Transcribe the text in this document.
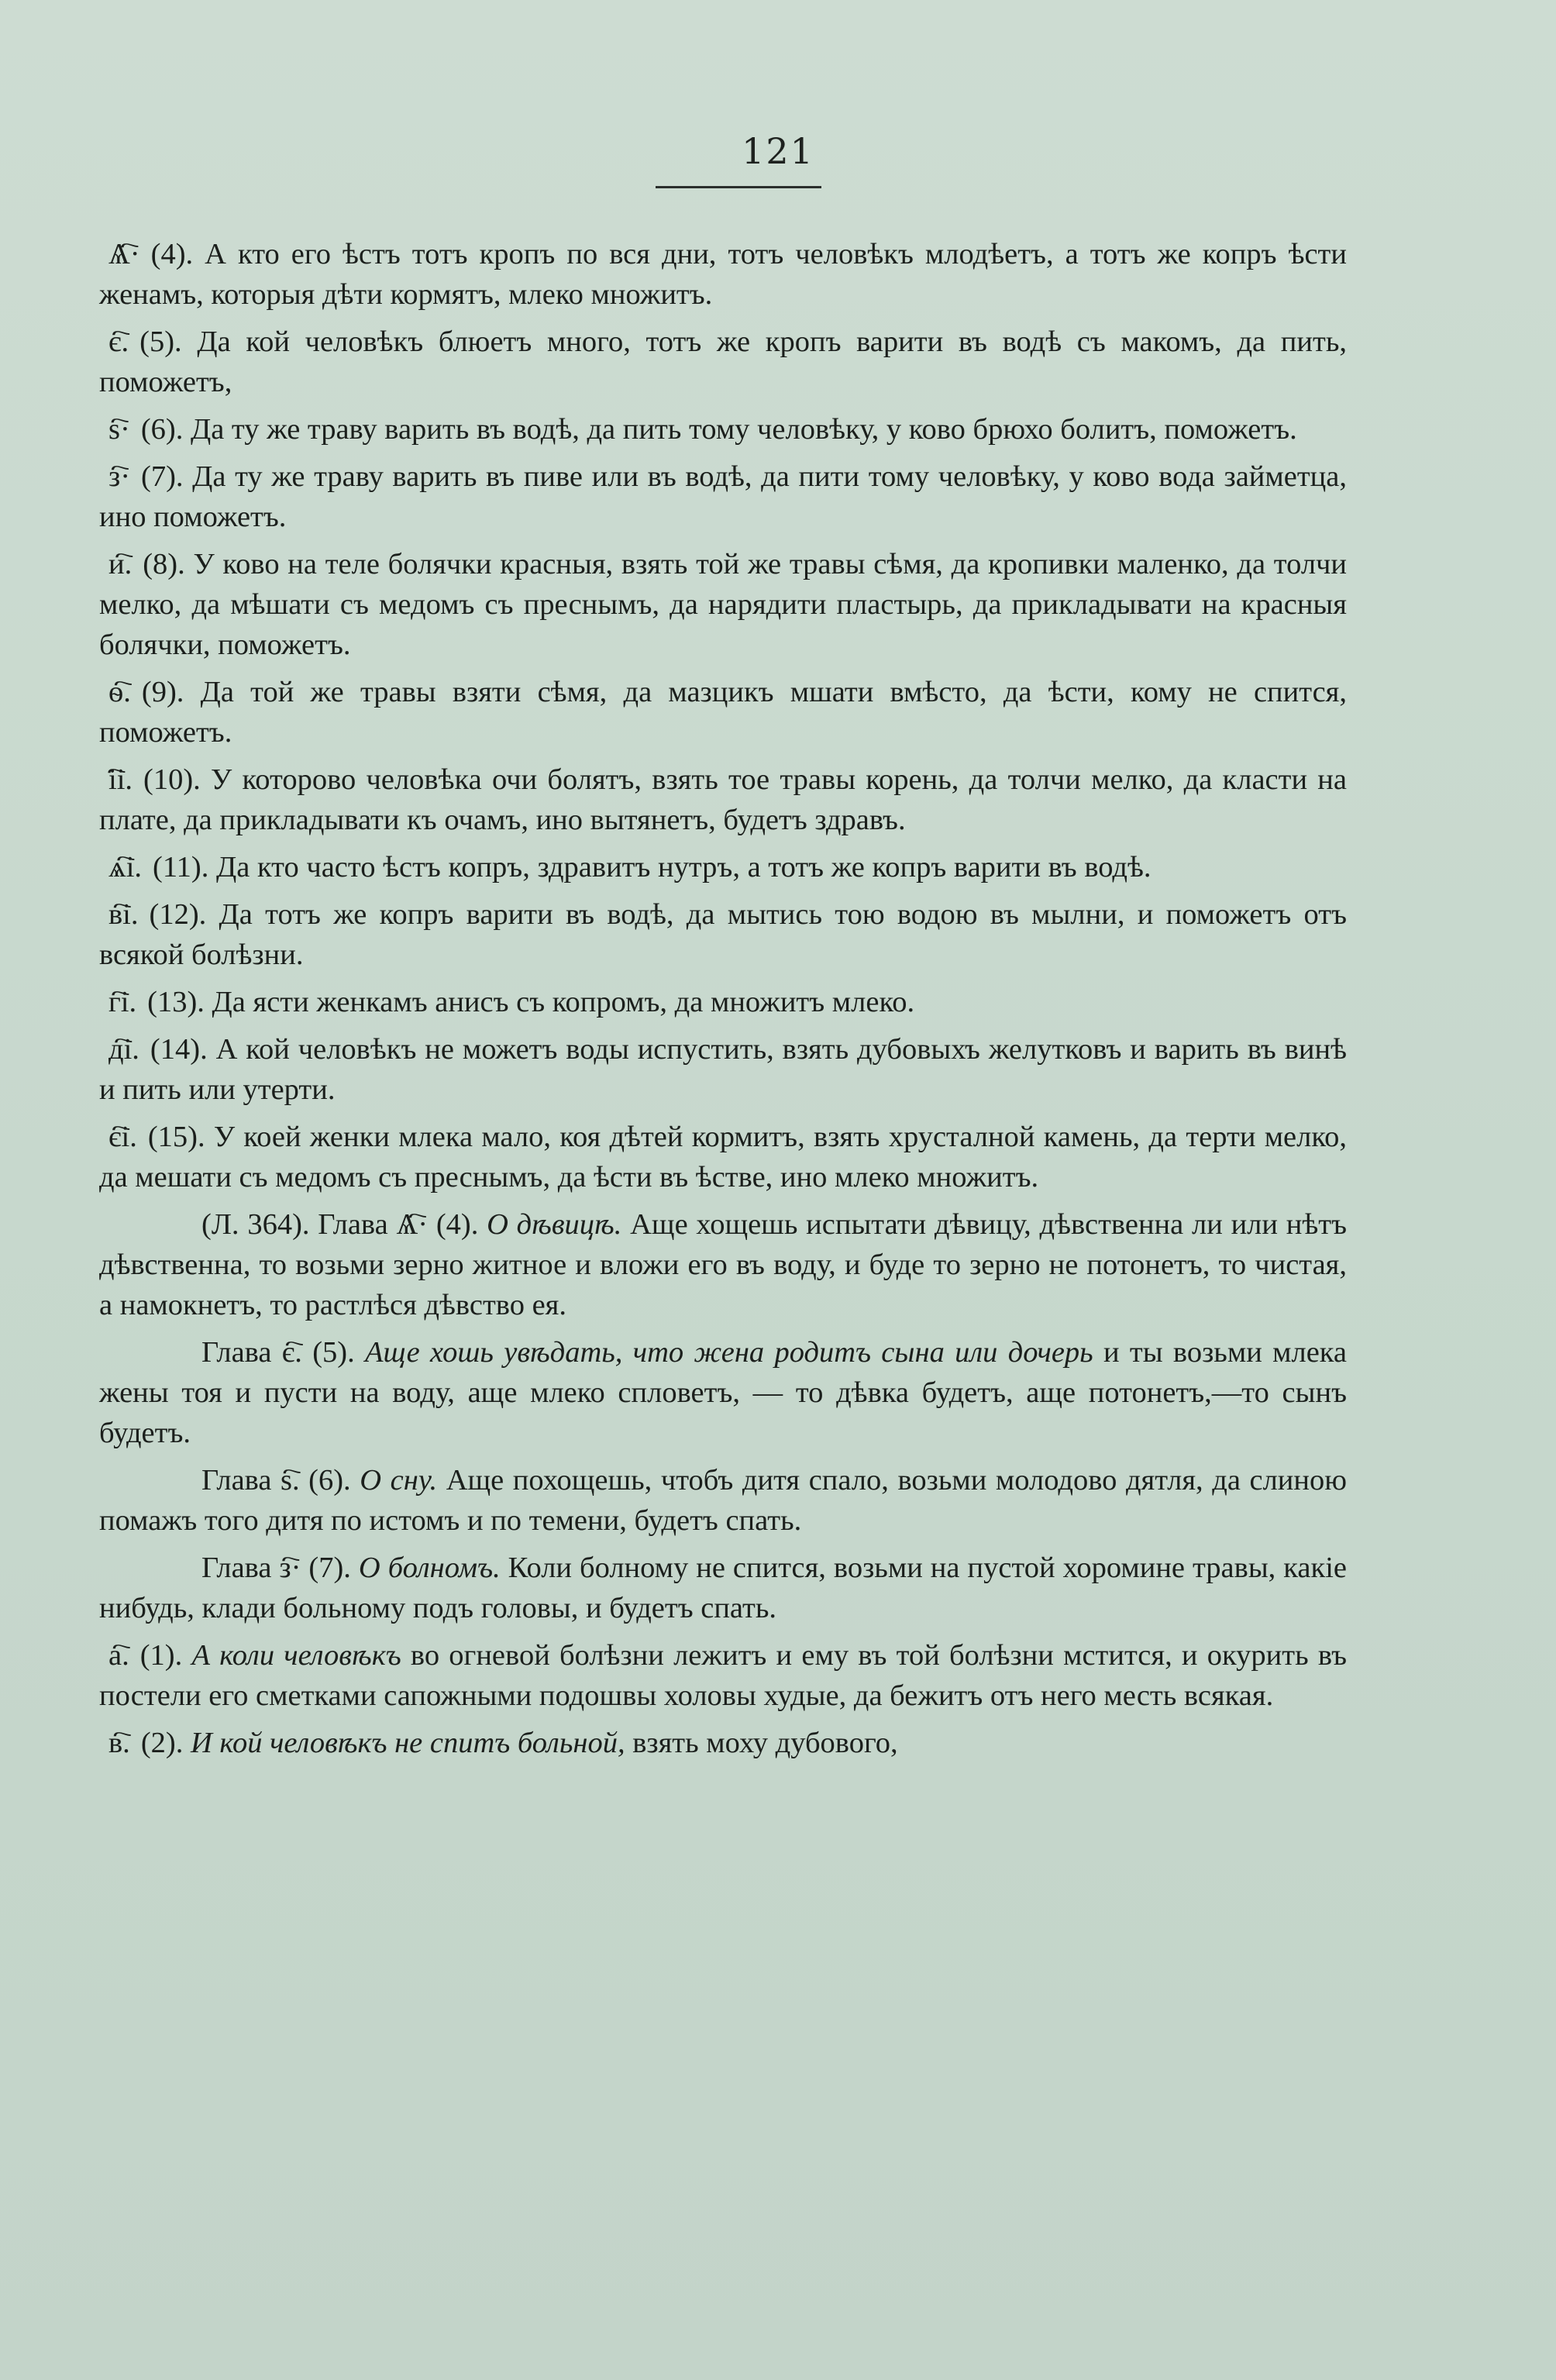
121

Ѧ҇· (4). А кто его ѣстъ тотъ кропъ по вся дни, тотъ человѣкъ млодѣетъ, а тотъ же копръ ѣсти женамъ, которыя дѣти кормятъ, млеко множитъ.

є҇. (5). Да кой человѣкъ блюетъ много, тотъ же кропъ варити въ водѣ съ макомъ, да пить, поможетъ,

ѕ҇· (6). Да ту же траву варить въ водѣ, да пить тому человѣку, у ково брюхо болитъ, поможетъ.

з҇· (7). Да ту же траву варить въ пиве или въ водѣ, да пити тому человѣку, у ково вода займетца, ино поможетъ.

и҇. (8). У ково на теле болячки красныя, взять той же травы сѣмя, да кропивки маленко, да толчи мелко, да мѣшати съ медомъ съ преснымъ, да нарядити пластырь, да прикладывати на красныя болячки, поможетъ.

ѳ҇. (9). Да той же травы взяти сѣмя, да мазцикъ мшати вмѣсто, да ѣсти, кому не спится, поможетъ.

і҇і. (10). У которово человѣка очи болятъ, взять тое травы корень, да толчи мелко, да класти на плате, да прикладывати къ очамъ, ино вытянетъ, будетъ здравъ.

ѧ҇і. (11). Да кто часто ѣстъ копръ, здравитъ нутръ, а тотъ же копръ варити въ водѣ.

в҇і. (12). Да тотъ же копръ варити въ водѣ, да мытись тою водою въ мылни, и поможетъ отъ всякой болѣзни.

г҇і. (13). Да ясти женкамъ анисъ съ копромъ, да множитъ млеко.

д҇і. (14). А кой человѣкъ не можетъ воды испустить, взять дубовыхъ желутковъ и варить въ винѣ и пить или утерти.

є҇і. (15). У коей женки млека мало, коя дѣтей кормитъ, взять хрусталной камень, да терти мелко, да мешати съ медомъ съ преснымъ, да ѣсти въ ѣстве, ино млеко множитъ.

(Л. 364). Глава Ѧ҇· (4). О дѣвицѣ. Аще хощешь испытати дѣвицу, дѣвственна ли или нѣтъ дѣвственна, то возьми зерно житное и вложи его въ воду, и буде то зерно не потонетъ, то чистая, а намокнетъ, то растлѣся дѣвство ея.

Глава є҇. (5). Аще хошь увѣдать, что жена родитъ сына или дочерь и ты возьми млека жены тоя и пусти на воду, аще млеко спловетъ, — то дѣвка будетъ, аще потонетъ,—то сынъ будетъ.

Глава ѕ҇. (6). О сну. Аще похощешь, чтобъ дитя спало, возьми молодово дятля, да слиною помажъ того дитя по истомъ и по темени, будетъ спать.

Глава з҇· (7). О болномъ. Коли болному не спится, возьми на пустой хоромине травы, какіе нибудь, клади больному подъ головы, и будетъ спать.

а҇. (1). А коли человѣкъ во огневой болѣзни лежитъ и ему въ той болѣзни мстится, и окурить въ постели его сметками сапожными подошвы холовы худые, да бежитъ отъ него месть всякая.

в҇. (2). И кой человѣкъ не спитъ больной, взять моху дубового,
